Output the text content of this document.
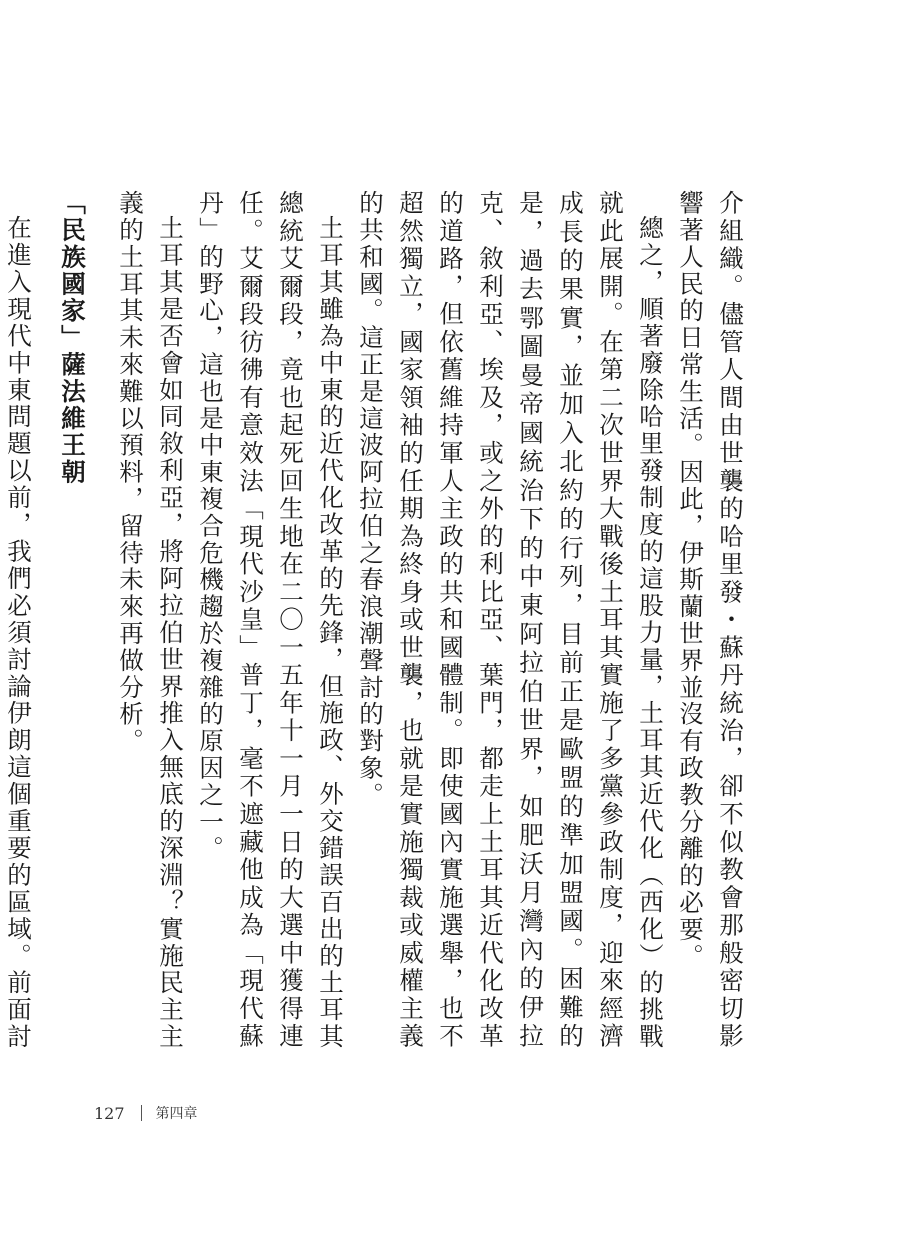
介組織。儘管人間由世襲的哈里發・蘇丹統治，卻不似教會那般密切影響著人民的日常生活。因此，伊斯蘭世界並沒有政教分離的必要。

總之，順著廢除哈里發制度的這股力量，土耳其近代化（西化）的挑戰就此展開。在第二次世界大戰後土耳其實施了多黨參政制度，迎來經濟成長的果實，並加入北約的行列，目前正是歐盟的準加盟國。困難的是，過去鄂圖曼帝國統治下的中東阿拉伯世界，如肥沃月灣內的伊拉克、敘利亞、埃及，或之外的利比亞、葉門，都走上土耳其近代化改革的道路，但依舊維持軍人主政的共和國體制。即使國內實施選舉，也不超然獨立，國家領袖的任期為終身或世襲，也就是實施獨裁或威權主義的共和國。這正是這波阿拉伯之春浪潮聲討的對象。

土耳其雖為中東的近代化改革的先鋒，但施政、外交錯誤百出的土耳其總統艾爾段，竟也起死回生地在二〇一五年十一月一日的大選中獲得連任。艾爾段彷彿有意效法「現代沙皇」普丁，毫不遮藏他成為「現代蘇丹」的野心，這也是中東複合危機趨於複雜的原因之一。

土耳其是否會如同敘利亞，將阿拉伯世界推入無底的深淵？實施民主主義的土耳其未來難以預料，留待未來再做分析。

「民族國家」薩法維王朝

在進入現代中東問題以前，我們必須討論伊朗這個重要的區域。前面討

127 第四章
